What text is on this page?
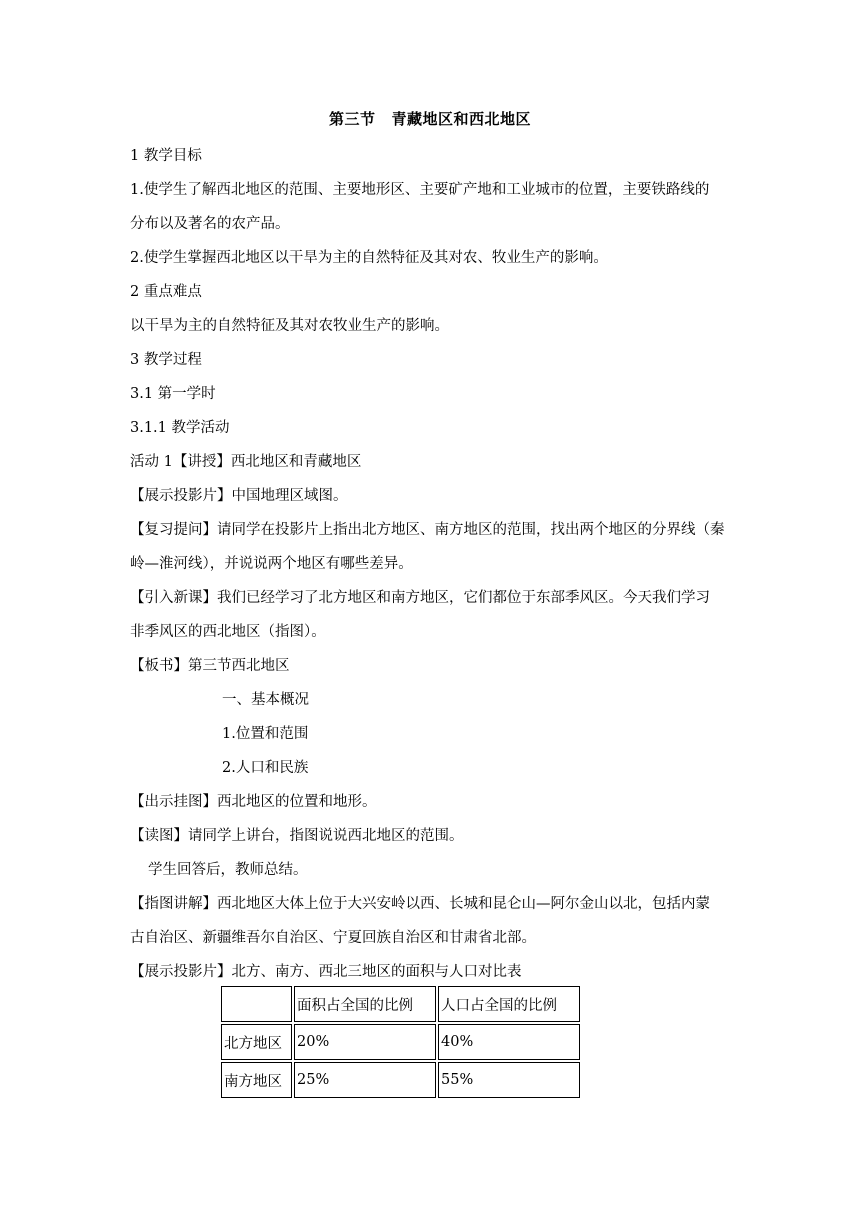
第三节 青藏地区和西北地区
1 教学目标
1.使学生了解西北地区的范围、主要地形区、主要矿产地和工业城市的位置，主要铁路线的
分布以及著名的农产品。
2.使学生掌握西北地区以干旱为主的自然特征及其对农、牧业生产的影响。
2 重点难点
以干旱为主的自然特征及其对农牧业生产的影响。
3 教学过程
3.1 第一学时
3.1.1 教学活动
活动 1【讲授】西北地区和青藏地区
【展示投影片】中国地理区域图。
【复习提问】请同学在投影片上指出北方地区、南方地区的范围，找出两个地区的分界线（秦
岭—淮河线），并说说两个地区有哪些差异。
【引入新课】我们已经学习了北方地区和南方地区，它们都位于东部季风区。今天我们学习
非季风区的西北地区（指图）。
【板书】第三节西北地区
一、基本概况
1.位置和范围
2.人口和民族
【出示挂图】西北地区的位置和地形。
【读图】请同学上讲台，指图说说西北地区的范围。
学生回答后，教师总结。
【指图讲解】西北地区大体上位于大兴安岭以西、长城和昆仑山—阿尔金山以北，包括内蒙
古自治区、新疆维吾尔自治区、宁夏回族自治区和甘肃省北部。
【展示投影片】北方、南方、西北三地区的面积与人口对比表
	面积占全国的比例	人口占全国的比例
北方地区	20%	40%
南方地区	25%	55%
